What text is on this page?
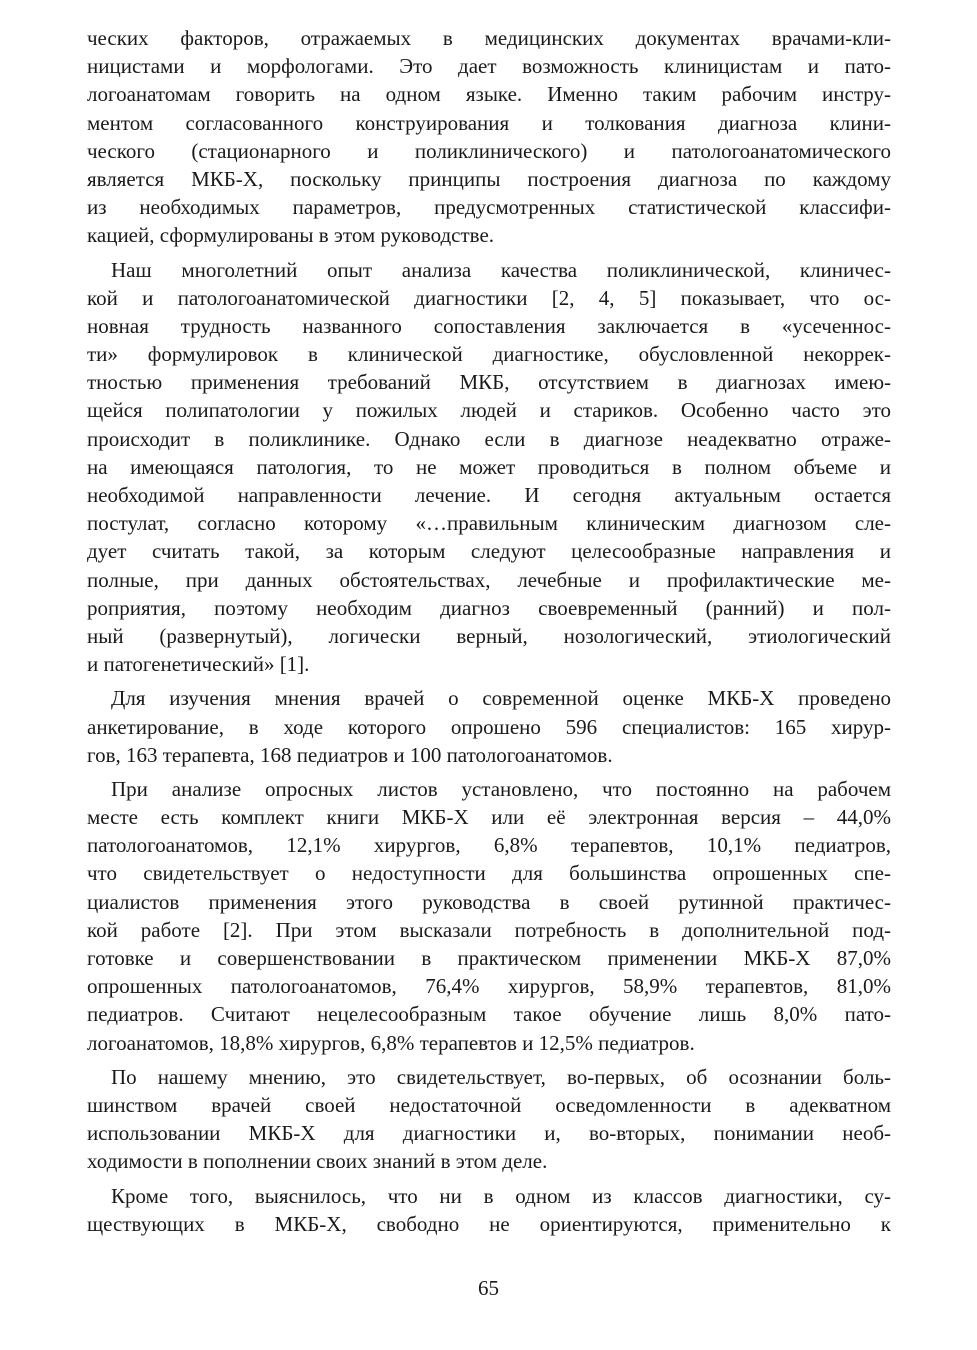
ческих факторов, отражаемых в медицинских документах врачами-кли-
ницистами и морфологами. Это дает возможность клиницистам и пато-
логоанатомам говорить на одном языке. Именно таким рабочим инстру-
ментом согласованного конструирования и толкования диагноза клини-
ческого (стационарного и поликлинического) и патологоанатомического
является МКБ-Х, поскольку принципы построения диагноза по каждому
из необходимых параметров, предусмотренных статистической классифи-
кацией, сформулированы в этом руководстве.
Наш многолетний опыт анализа качества поликлинической, клиничес-
кой и патологоанатомической диагностики [2, 4, 5] показывает, что ос-
новная трудность названного сопоставления заключается в «усеченнос-
ти» формулировок в клинической диагностике, обусловленной некоррек-
тностью применения требований МКБ, отсутствием в диагнозах имею-
щейся полипатологии у пожилых людей и стариков. Особенно часто это
происходит в поликлинике. Однако если в диагнозе неадекватно отраже-
на имеющаяся патология, то не может проводиться в полном объеме и
необходимой направленности лечение. И сегодня актуальным остается
постулат, согласно которому «…правильным клиническим диагнозом сле-
дует считать такой, за которым следуют целесообразные направления и
полные, при данных обстоятельствах, лечебные и профилактические ме-
роприятия, поэтому необходим диагноз своевременный (ранний) и пол-
ный (развернутый), логически верный, нозологический, этиологический
и патогенетический» [1].
Для изучения мнения врачей о современной оценке МКБ-Х проведено
анкетирование, в ходе которого опрошено 596 специалистов: 165 хирур-
гов, 163 терапевта, 168 педиатров и 100 патологоанатомов.
При анализе опросных листов установлено, что постоянно на рабочем
месте есть комплект книги МКБ-Х или её электронная версия – 44,0%
патологоанатомов, 12,1% хирургов, 6,8% терапевтов, 10,1% педиатров,
что свидетельствует о недоступности для большинства опрошенных спе-
циалистов применения этого руководства в своей рутинной практичес-
кой работе [2]. При этом высказали потребность в дополнительной под-
готовке и совершенствовании в практическом применении МКБ-Х 87,0%
опрошенных патологоанатомов, 76,4% хирургов, 58,9% терапевтов, 81,0%
педиатров. Считают нецелесообразным такое обучение лишь 8,0% пато-
логоанатомов, 18,8% хирургов, 6,8% терапевтов и 12,5% педиатров.
По нашему мнению, это свидетельствует, во-первых, об осознании боль-
шинством врачей своей недостаточной осведомленности в адекватном
использовании МКБ-Х для диагностики и, во-вторых, понимании необ-
ходимости в пополнении своих знаний в этом деле.
Кроме того, выяснилось, что ни в одном из классов диагностики, су-
ществующих в МКБ-Х, свободно не ориентируются, применительно к
65
